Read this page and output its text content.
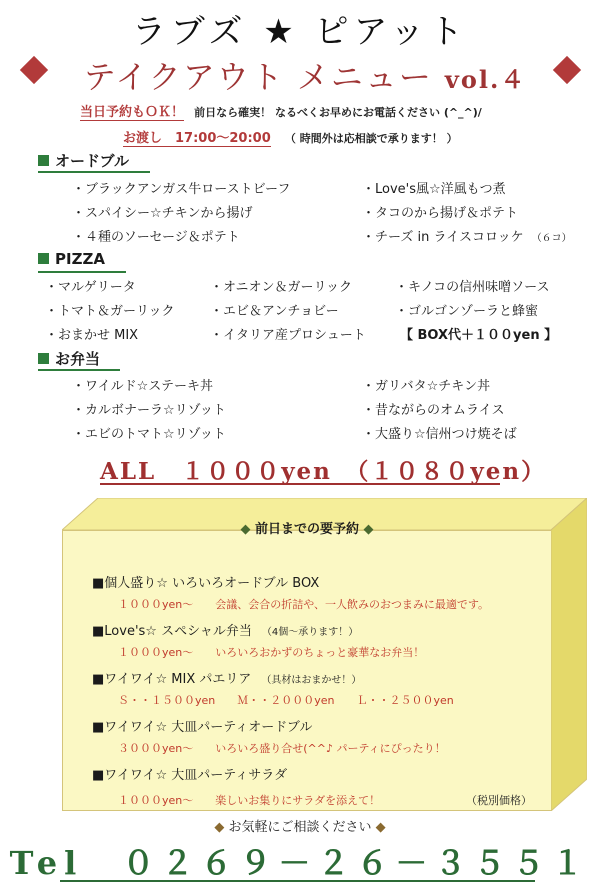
ラブズ ★ ピアット
テイクアウト メニュー vol.４
当日予約もＯＫ！ 前日なら確実！ なるべくお早めにお電話ください (^_^)/
お渡し　17:00～20:00 （ 時間外は応相談で承ります！ ）
オードブル
・ブラックアンガス牛ローストビーフ	・Love's風☆洋風もつ煮
・スパイシー☆チキンから揚げ	・タコのから揚げ＆ポテト
・４種のソーセージ＆ポテト	・チーズ in ライスコロッケ （６コ）
PIZZA
・マルゲリータ	・オニオン＆ガーリック	・キノコの信州味噌ソース
・トマト＆ガーリック	・エビ＆アンチョビー	・ゴルゴンゾーラと蜂蜜
・おまかせ MIX	・イタリア産プロシュート	【 BOX代＋１００yen 】
お弁当
・ワイルド☆ステーキ丼	・ガリバタ☆チキン丼
・カルボナーラ☆リゾット	・昔ながらのオムライス
・エビのトマト☆リゾット	・大盛り☆信州つけ焼そば
ALL　１０００yen　（１０８０yen）
◆ 前日までの要予約 ◆
■個人盛り☆ いろいろオードブル BOX
１０００yen～　　会議、会合の折詰や、一人飲みのおつまみに最適です。
■Love's☆ スペシャル弁当 （4個～承ります！）
１０００yen～　　いろいろおかずのちょっと豪華なお弁当！
■ワイワイ☆ MIX パエリア （具材はおまかせ！）
Ｓ・・１５００yen　　Ｍ・・２０００yen　　Ｌ・・２５００yen
■ワイワイ☆ 大皿パーティオードブル
３０００yen～　　いろいろ盛り合せ(^^♪ パーティにぴったり！
■ワイワイ☆ 大皿パーティサラダ
１０００yen～　　楽しいお集りにサラダを添えて！	（税別価格）
◆ お気軽にご相談ください ◆
Tel　０２６９－２６－３５５１
